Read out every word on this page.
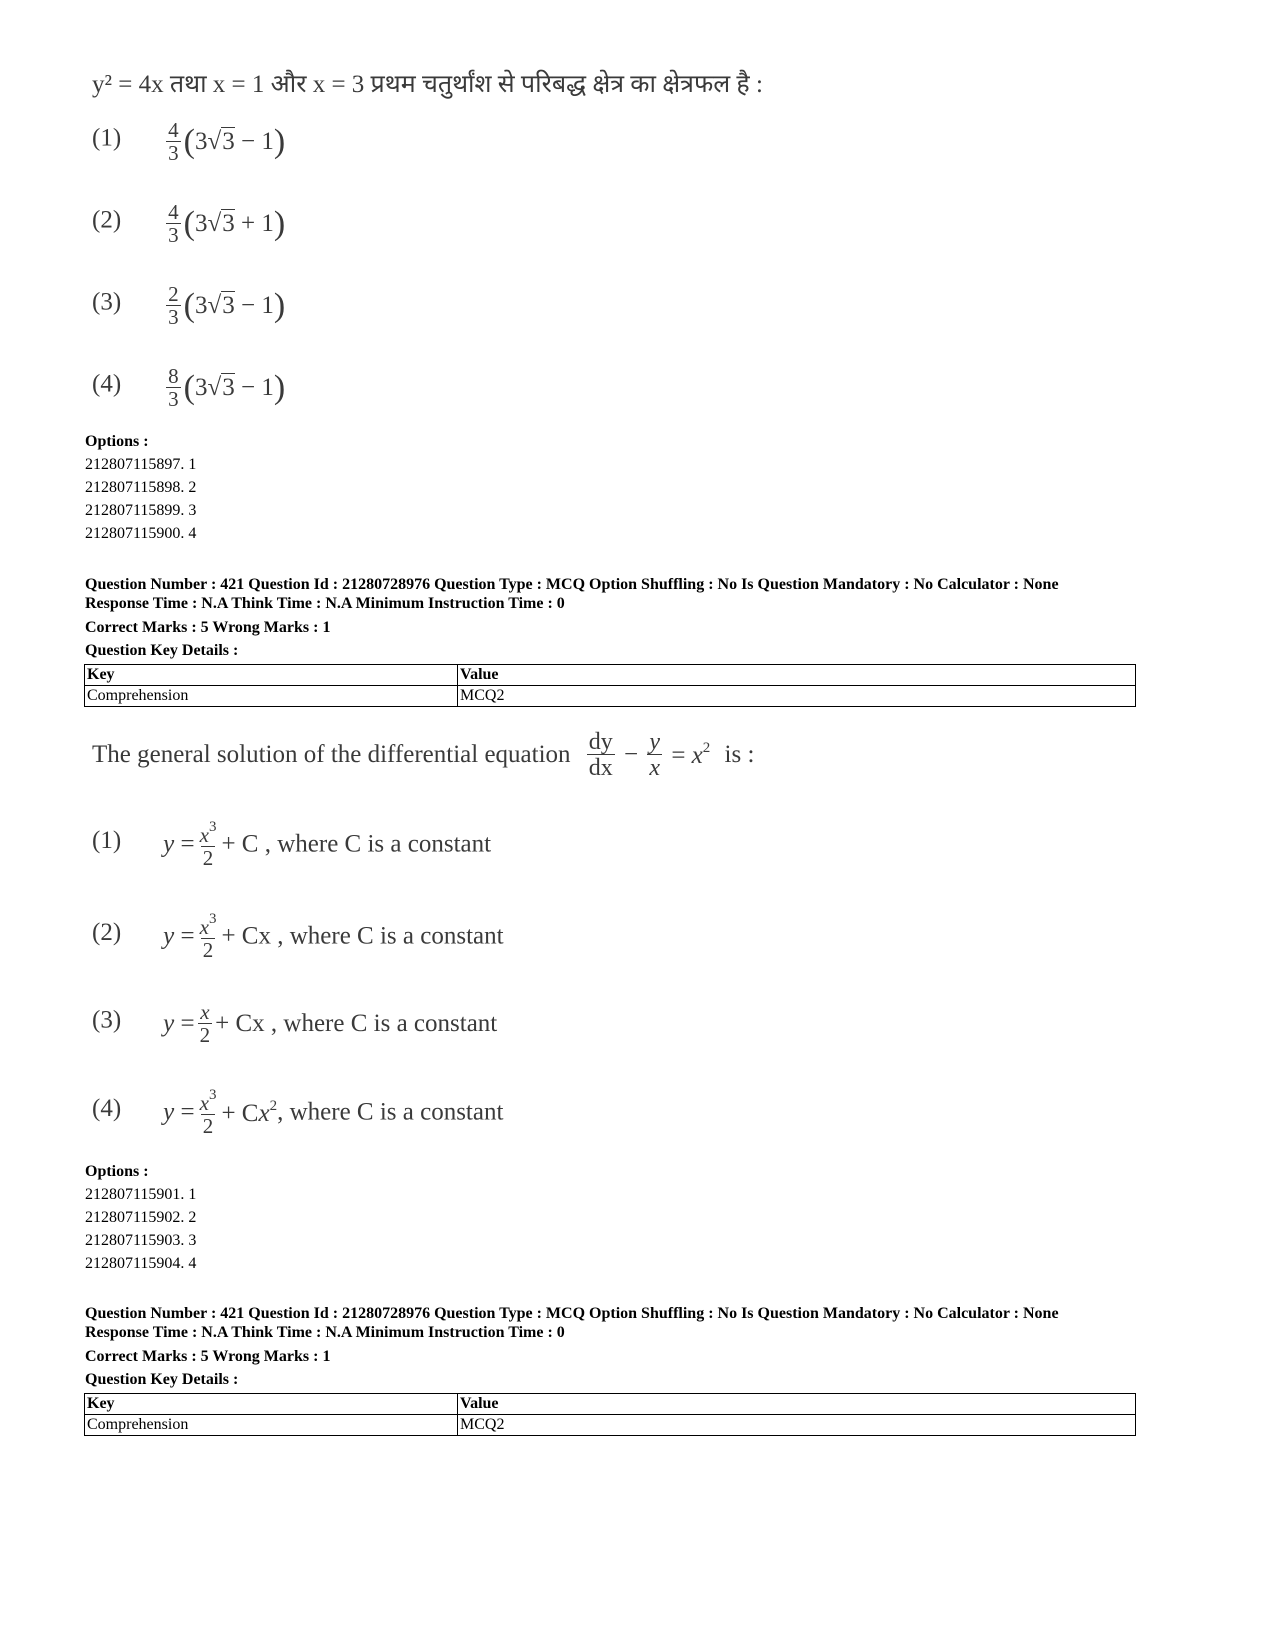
y² = 4x तथा x = 1 और x = 3 प्रथम चतुर्थांश से परिबद्ध क्षेत्र का क्षेत्रफल है :
$(1) \frac{4}{3} (3√3 - 1)$
$(2) \frac{4}{3} (3√3 + 1)$
$(3) \frac{2}{3} (3√3 - 1)$
$(4) \frac{8}{3} (3√3 - 1)$
Options :
212807115897. 1
212807115898. 2
212807115899. 3
212807115900. 4
Question Number : 421 Question Id : 21280728976 Question Type : MCQ Option Shuffling : No Is Question Mandatory : No Calculator : None
Response Time : N.A Think Time : N.A Minimum Instruction Time : 0
Correct Marks : 5 Wrong Marks : 1
Question Key Details :
Key	Value
Comprehension	MCQ2
The general solution of the differential equation $\frac{dy}{dx} - \frac{y}{x} = x^2$ is :
(1) $y = \frac{x^3}{2} + C$ , where C is a constant
(2) $y = \frac{x^3}{2} + Cx$ , where C is a constant
(3) $y = \frac{x}{2} + Cx$ , where C is a constant
(4) $y = \frac{x^3}{2} + Cx^2$, where C is a constant
Options :
212807115901. 1
212807115902. 2
212807115903. 3
212807115904. 4
Question Number : 421 Question Id : 21280728976 Question Type : MCQ Option Shuffling : No Is Question Mandatory : No Calculator : None
Response Time : N.A Think Time : N.A Minimum Instruction Time : 0
Correct Marks : 5 Wrong Marks : 1
Question Key Details :
Key	Value
Comprehension	MCQ2
